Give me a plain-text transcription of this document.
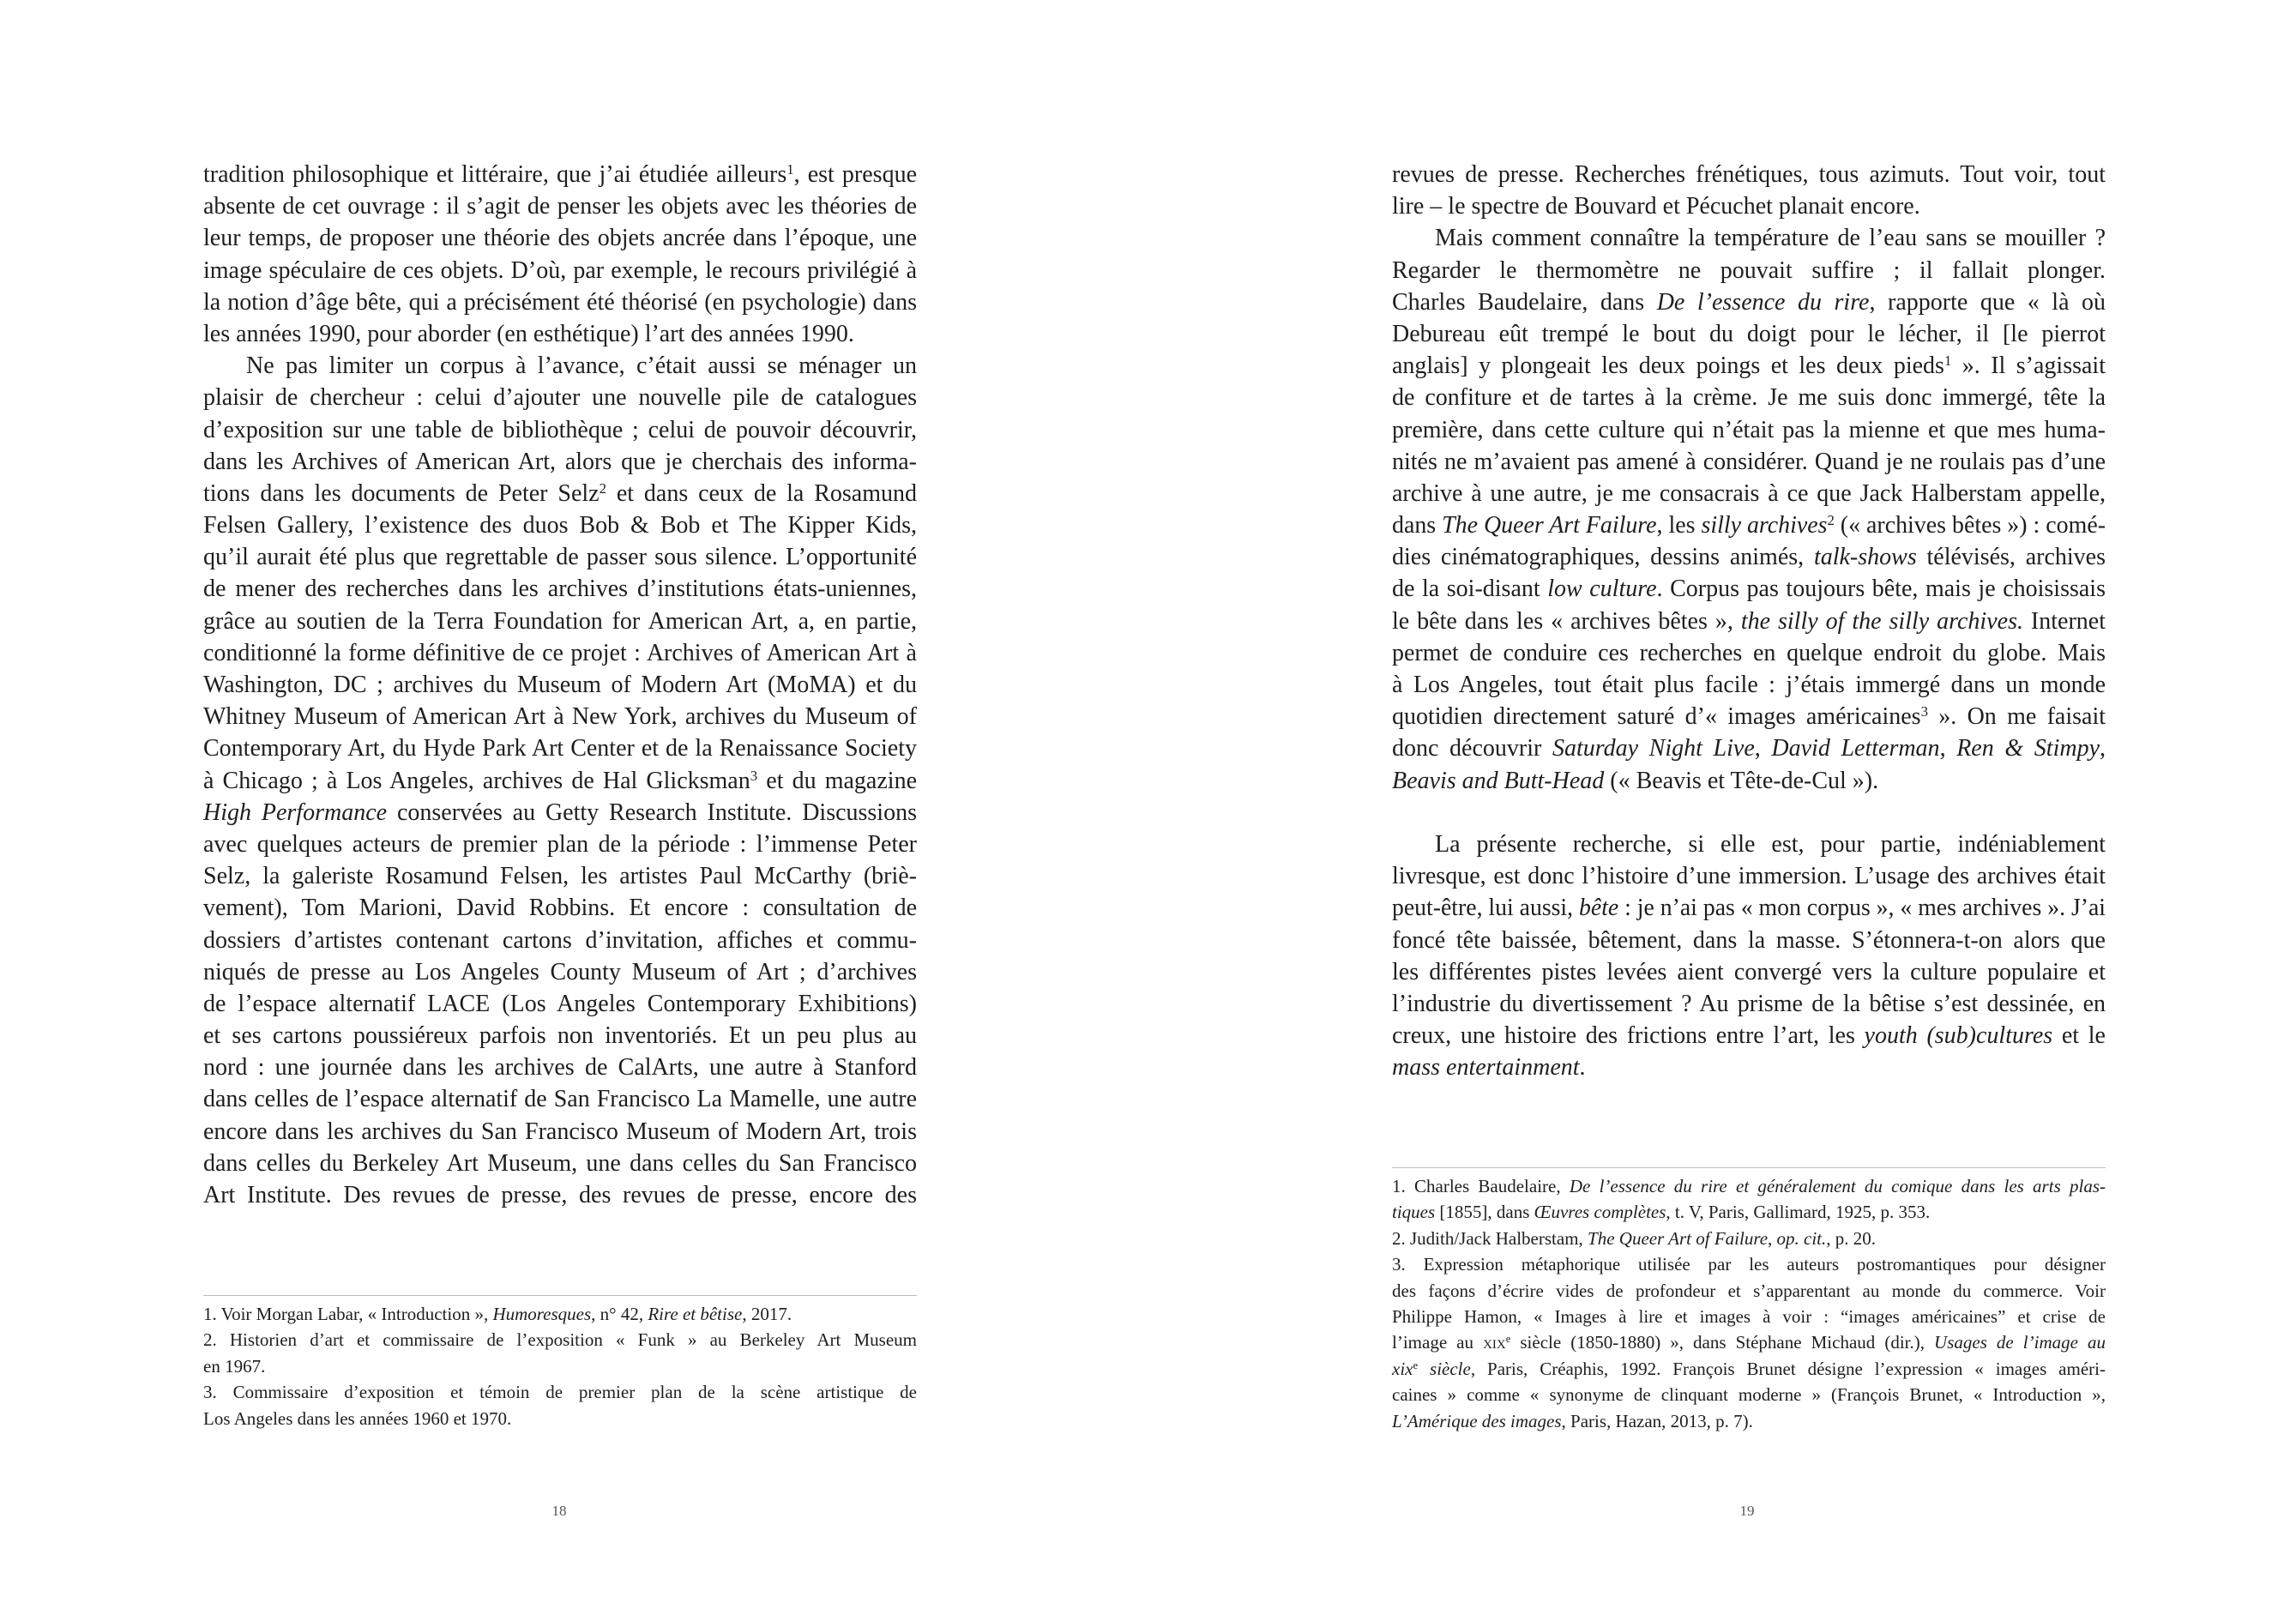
tradition philosophique et littéraire, que j’ai étudiée ailleurs$^1$, est presque
absente de cet ouvrage : il s’agit de penser les objets avec les théories de
leur temps, de proposer une théorie des objets ancrée dans l’époque, une
image spéculaire de ces objets. D’où, par exemple, le recours privilégié à
la notion d’âge bête, qui a précisément été théorisé (en psychologie) dans
les années 1990, pour aborder (en esthétique) l’art des années 1990.
Ne pas limiter un corpus à l’avance, c’était aussi se ménager un
plaisir de chercheur : celui d’ajouter une nouvelle pile de catalogues
d’exposition sur une table de bibliothèque ; celui de pouvoir découvrir,
dans les Archives of American Art, alors que je cherchais des informa-
tions dans les documents de Peter Selz$^2$ et dans ceux de la Rosamund
Felsen Gallery, l’existence des duos Bob & Bob et The Kipper Kids,
qu’il aurait été plus que regrettable de passer sous silence. L’opportunité
de mener des recherches dans les archives d’institutions états-uniennes,
grâce au soutien de la Terra Foundation for American Art, a, en partie,
conditionné la forme définitive de ce projet : Archives of American Art à
Washington, DC ; archives du Museum of Modern Art (MoMA) et du
Whitney Museum of American Art à New York, archives du Museum of
Contemporary Art, du Hyde Park Art Center et de la Renaissance Society
à Chicago ; à Los Angeles, archives de Hal Glicksman$^3$ et du magazine
High Performance conservées au Getty Research Institute. Discussions
avec quelques acteurs de premier plan de la période : l’immense Peter
Selz, la galeriste Rosamund Felsen, les artistes Paul McCarthy (briè-
vement), Tom Marioni, David Robbins. Et encore : consultation de
dossiers d’artistes contenant cartons d’invitation, affiches et commu-
niqués de presse au Los Angeles County Museum of Art ; d’archives
de l’espace alternatif LACE (Los Angeles Contemporary Exhibitions)
et ses cartons poussiéreux parfois non inventoriés. Et un peu plus au
nord : une journée dans les archives de CalArts, une autre à Stanford
dans celles de l’espace alternatif de San Francisco La Mamelle, une autre
encore dans les archives du San Francisco Museum of Modern Art, trois
dans celles du Berkeley Art Museum, une dans celles du San Francisco
Art Institute. Des revues de presse, des revues de presse, encore des
1. Voir Morgan Labar, « Introduction », Humoresques, n° 42, Rire et bêtise, 2017.
2. Historien d’art et commissaire de l’exposition « Funk » au Berkeley Art Museum
en 1967.
3. Commissaire d’exposition et témoin de premier plan de la scène artistique de
Los Angeles dans les années 1960 et 1970.
18
revues de presse. Recherches frénétiques, tous azimuts. Tout voir, tout
lire – le spectre de Bouvard et Pécuchet planait encore.
Mais comment connaître la température de l’eau sans se mouiller ?
Regarder le thermomètre ne pouvait suffire ; il fallait plonger.
Charles Baudelaire, dans De l’essence du rire, rapporte que « là où
Debureau eût trempé le bout du doigt pour le lécher, il [le pierrot
anglais] y plongeait les deux poings et les deux pieds$^1$ ». Il s’agissait
de confiture et de tartes à la crème. Je me suis donc immergé, tête la
première, dans cette culture qui n’était pas la mienne et que mes huma-
nités ne m’avaient pas amené à considérer. Quand je ne roulais pas d’une
archive à une autre, je me consacrais à ce que Jack Halberstam appelle,
dans The Queer Art Failure, les silly archives$^2$ (« archives bêtes ») : comé-
dies cinématographiques, dessins animés, talk-shows télévisés, archives
de la soi-disant low culture. Corpus pas toujours bête, mais je choisissais
le bête dans les « archives bêtes », the silly of the silly archives. Internet
permet de conduire ces recherches en quelque endroit du globe. Mais
à Los Angeles, tout était plus facile : j’étais immergé dans un monde
quotidien directement saturé d’« images américaines$^3$ ». On me faisait
donc découvrir Saturday Night Live, David Letterman, Ren & Stimpy,
Beavis and Butt-Head (« Beavis et Tête-de-Cul »).
La présente recherche, si elle est, pour partie, indéniablement
livresque, est donc l’histoire d’une immersion. L’usage des archives était
peut-être, lui aussi, bête : je n’ai pas « mon corpus », « mes archives ». J’ai
foncé tête baissée, bêtement, dans la masse. S’étonnera-t-on alors que
les différentes pistes levées aient convergé vers la culture populaire et
l’industrie du divertissement ? Au prisme de la bêtise s’est dessinée, en
creux, une histoire des frictions entre l’art, les youth (sub)cultures et le
mass entertainment.
1. Charles Baudelaire, De l’essence du rire et généralement du comique dans les arts plas-
tiques [1855], dans Œuvres complètes, t. V, Paris, Gallimard, 1925, p. 353.
2. Judith/Jack Halberstam, The Queer Art of Failure, op. cit., p. 20.
3. Expression métaphorique utilisée par les auteurs postromantiques pour désigner
des façons d’écrire vides de profondeur et s’apparentant au monde du commerce. Voir
Philippe Hamon, « Images à lire et images à voir : “images américaines” et crise de
l’image au xix$^e$ siècle (1850-1880) », dans Stéphane Michaud (dir.), Usages de l’image au
xix$^e$ siècle, Paris, Créaphis, 1992. François Brunet désigne l’expression « images améri-
caines » comme « synonyme de clinquant moderne » (François Brunet, « Introduction »,
L’Amérique des images, Paris, Hazan, 2013, p. 7).
19
